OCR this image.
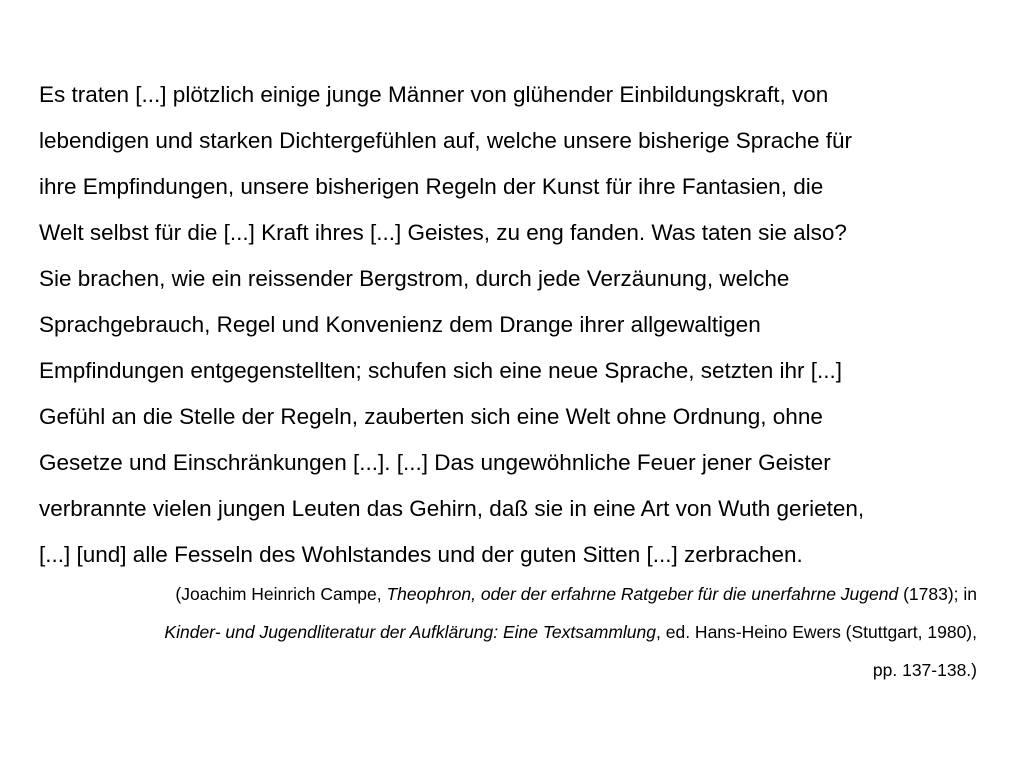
Es traten [...] plötzlich einige junge Männer von glühender Einbildungskraft, von
lebendigen und starken Dichtergefühlen auf, welche unsere bisherige Sprache für
ihre Empfindungen, unsere bisherigen Regeln der Kunst für ihre Fantasien, die
Welt selbst für die [...] Kraft ihres [...] Geistes, zu eng fanden. Was taten sie also?
Sie brachen, wie ein reissender Bergstrom, durch jede Verzäunung, welche
Sprachgebrauch, Regel und Konvenienz dem Drange ihrer allgewaltigen
Empfindungen entgegenstellten; schufen sich eine neue Sprache, setzten ihr [...]
Gefühl an die Stelle der Regeln, zauberten sich eine Welt ohne Ordnung, ohne
Gesetze und Einschränkungen [...]. [...] Das ungewöhnliche Feuer jener Geister
verbrannte vielen jungen Leuten das Gehirn, daß sie in eine Art von Wuth gerieten,
[...] [und] alle Fesseln des Wohlstandes und der guten Sitten [...] zerbrachen.
(Joachim Heinrich Campe, Theophron, oder der erfahrne Ratgeber für die unerfahrne Jugend (1783); in
Kinder- und Jugendliteratur der Aufklärung: Eine Textsammlung, ed. Hans-Heino Ewers (Stuttgart, 1980),
pp. 137-138.)
